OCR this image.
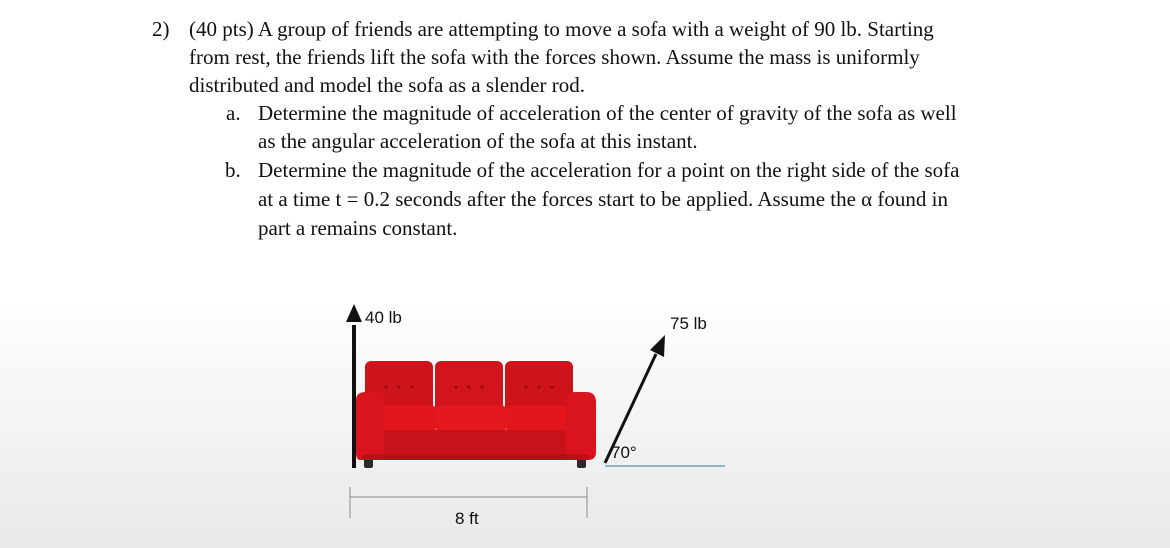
2) (40 pts) A group of friends are attempting to move a sofa with a weight of 90 lb. Starting
from rest, the friends lift the sofa with the forces shown. Assume the mass is uniformly
distributed and model the sofa as a slender rod.
a. Determine the magnitude of acceleration of the center of gravity of the sofa as well
as the angular acceleration of the sofa at this instant.
b. Determine the magnitude of the acceleration for a point on the right side of the sofa
at a time t = 0.2 seconds after the forces start to be applied. Assume the α found in
part a remains constant.
40 lb	75 lb
70°
8 ft
